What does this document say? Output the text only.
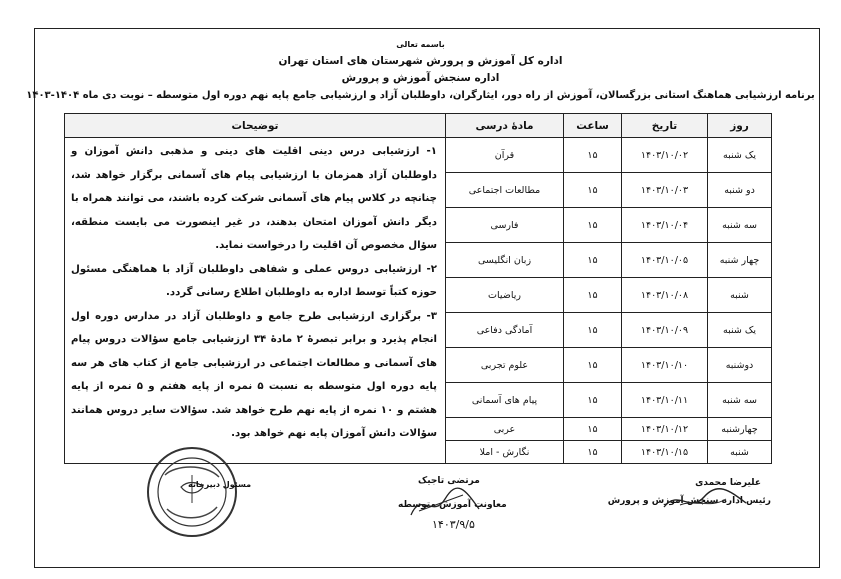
باسمه تعالی
اداره کل آموزش و پرورش شهرستان های استان تهران
اداره سنجش آموزش و پرورش
برنامه ارزشیابی هماهنگ استانی بزرگسالان، آموزش از راه دور، ایثارگران، داوطلبان آزاد و ارزشیابی جامع پایه نهم دوره اول متوسطه – نوبت دی ماه ۱۴۰۴-۱۴۰۳
روز	تاریخ	ساعت	مادهٔ درسی	توضیحات
یک شنبه	۱۴۰۳/۱۰/۰۲	۱۵	قرآن	۱- ارزشیابی درس دینی اقلیت های دینی و مذهبی دانش آموزان و داوطلبان آزاد همزمان با ارزشیابی پیام های آسمانی برگزار خواهد شد، چنانچه در کلاس پیام های آسمانی شرکت کرده باشند، می توانند همراه با دیگر دانش آموزان امتحان بدهند، در غیر اینصورت می بایست منطقه، سؤال مخصوص آن اقلیت را درخواست نماید.

۲- ارزشیابی دروس عملی و شفاهی داوطلبان آزاد با هماهنگی مسئول حوزه کتباً توسط اداره به داوطلبان اطلاع رسانی گردد.

۳- برگزاری ارزشیابی طرح جامع و داوطلبان آزاد در مدارس دوره اول انجام پذیرد و برابر تبصرهٔ ۲ مادهٔ ۳۴ ارزشیابی جامع سؤالات دروس پیام های آسمانی و مطالعات اجتماعی در ارزشیابی جامع از کتاب های هر سه پایه دوره اول متوسطه به نسبت ۵ نمره از پایه هفتم و ۵ نمره از پایه هشتم و ۱۰ نمره از پایه نهم طرح خواهد شد. سؤالات سایر دروس همانند سؤالات دانش آموزان پایه نهم خواهد بود.

دو شنبه	۱۴۰۳/۱۰/۰۳	۱۵	مطالعات اجتماعی	
سه شنبه	۱۴۰۳/۱۰/۰۴	۱۵	فارسی	
چهار شنبه	۱۴۰۳/۱۰/۰۵	۱۵	زبان انگلیسی	
شنبه	۱۴۰۳/۱۰/۰۸	۱۵	ریاضیات	
یک شنبه	۱۴۰۳/۱۰/۰۹	۱۵	آمادگی دفاعی	
دوشنبه	۱۴۰۳/۱۰/۱۰	۱۵	علوم تجربی	
سه شنبه	۱۴۰۳/۱۰/۱۱	۱۵	پیام های آسمانی	
چهارشنبه	۱۴۰۳/۱۰/۱۲	۱۵	عربی	
شنبه	۱۴۰۳/۱۰/۱۵	۱۵	نگارش - املا	
علیرضا محمدی
رئیس اداره سنجش آموزش و پرورش
مرتضی تاجیک
معاونت آموزش متوسطه
۱۴۰۳/۹/۵
مسئول دبیرخانه
